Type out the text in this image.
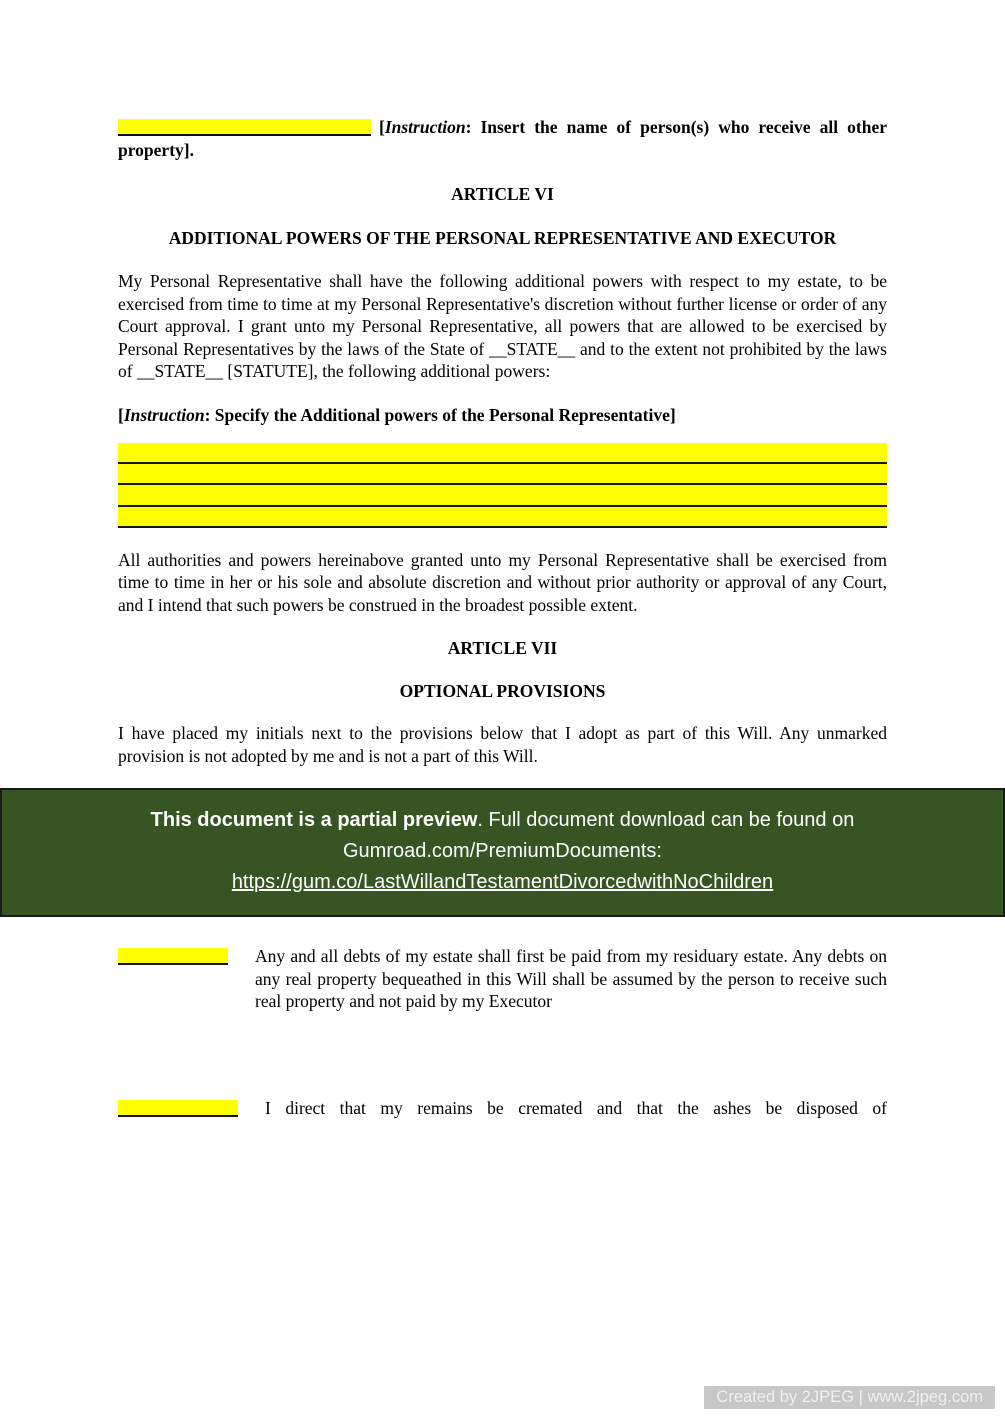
[Instruction: Insert the name of person(s) who receive all other property].

ARTICLE VI
ADDITIONAL POWERS OF THE PERSONAL REPRESENTATIVE AND EXECUTOR

My Personal Representative shall have the following additional powers with respect to my estate, to be exercised from time to time at my Personal Representative's discretion without further license or order of any Court approval. I grant unto my Personal Representative, all powers that are allowed to be exercised by Personal Representatives by the laws of the State of __STATE__ and to the extent not prohibited by the laws of __STATE__ [STATUTE], the following additional powers:

[Instruction: Specify the Additional powers of the Personal Representative]

All authorities and powers hereinabove granted unto my Personal Representative shall be exercised from time to time in her or his sole and absolute discretion and without prior authority or approval of any Court, and I intend that such powers be construed in the broadest possible extent.

ARTICLE VII
OPTIONAL PROVISIONS

I have placed my initials next to the provisions below that I adopt as part of this Will. Any unmarked provision is not adopted by me and is not a part of this Will.

This document is a partial preview. Full document download can be found on
Gumroad.com/PremiumDocuments:
https://gum.co/LastWillandTestamentDivorcedwithNoChildren

Any and all debts of my estate shall first be paid from my residuary estate. Any debts on any real property bequeathed in this Will shall be assumed by the person to receive such real property and not paid by my Executor

I direct that my remains be cremated and that the ashes be disposed of

Created by 2JPEG | www.2jpeg.com
